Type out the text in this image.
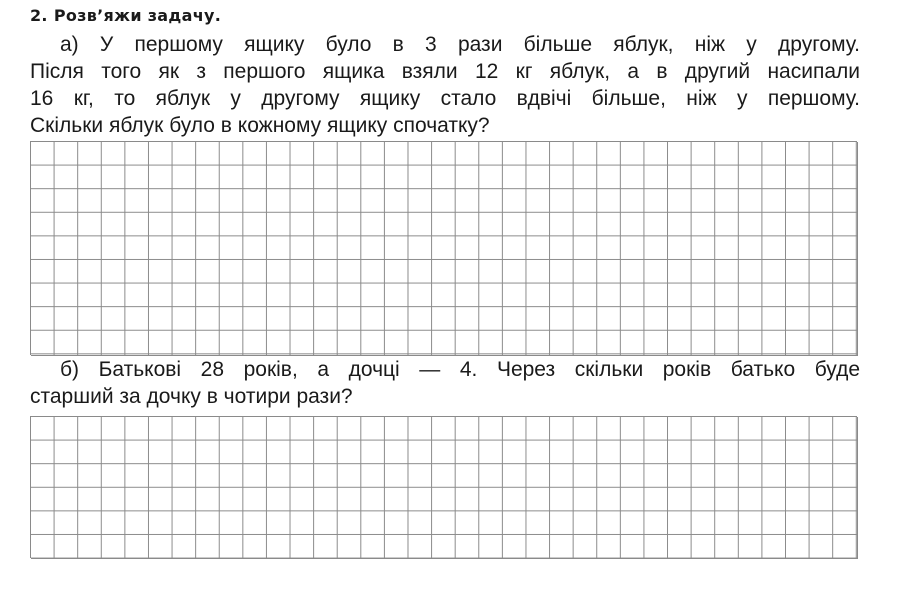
2. Розв’яжи задачу.
а) У першому ящику було в 3 рази більше яблук, ніж у другому.
Після того як з першого ящика взяли 12 кг яблук, а в другий насипали
16 кг, то яблук у другому ящику стало вдвічі більше, ніж у першому.
Скільки яблук було в кожному ящику спочатку?
б) Батькові 28 років, а дочці — 4. Через скільки років батько буде
старший за дочку в чотири рази?
